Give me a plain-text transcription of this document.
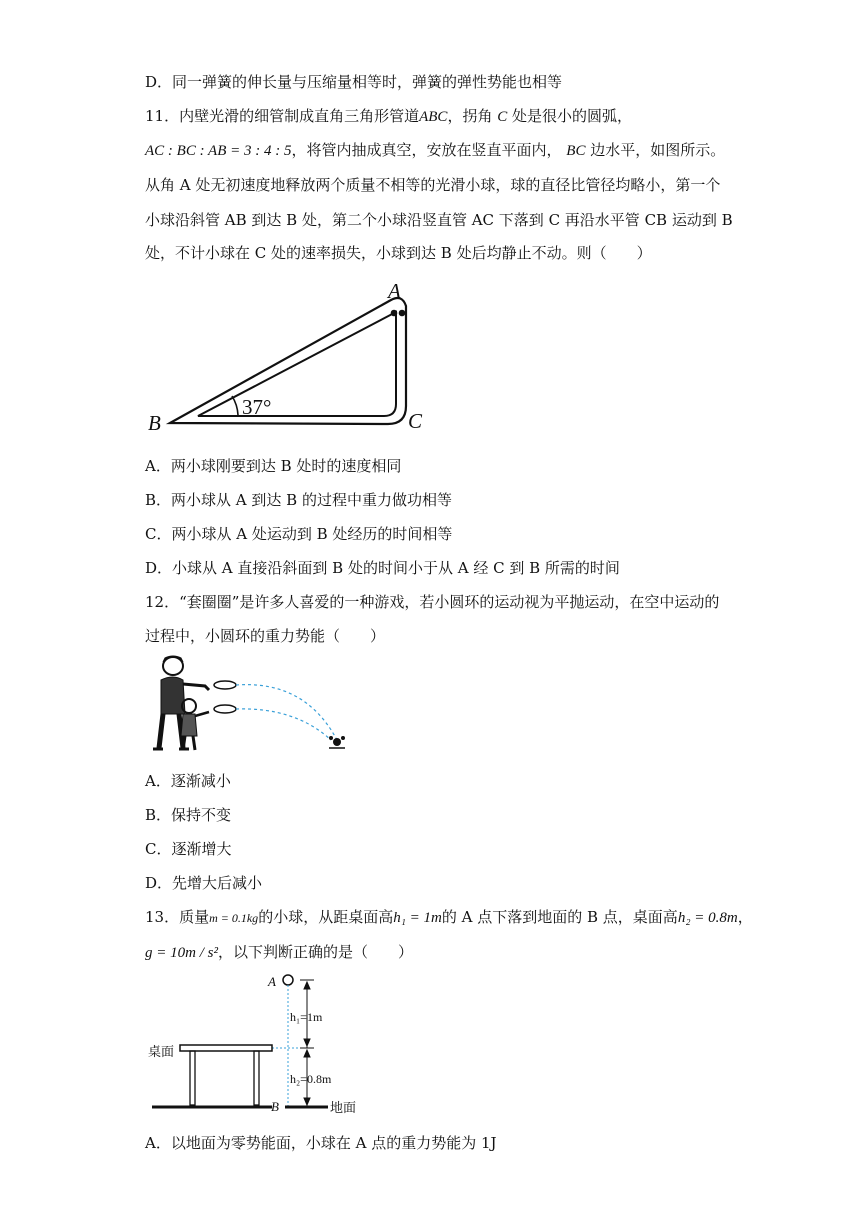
D．同一弹簧的伸长量与压缩量相等时，弹簧的弹性势能也相等
11．内壁光滑的细管制成直角三角形管道ABC，拐角 C 处是很小的圆弧，
AC : BC : AB = 3 : 4 : 5，将管内抽成真空，安放在竖直平面内， BC 边水平，如图所示。
从角 A 处无初速度地释放两个质量不相等的光滑小球，球的直径比管径均略小，第一个
小球沿斜管 AB 到达 B 处，第二个小球沿竖直管 AC 下落到 C 再沿水平管 CB 运动到 B
处，不计小球在 C 处的速率损失，小球到达 B 处后均静止不动。则（　　）
A
B	C
37°
A．两小球刚要到达 B 处时的速度相同
B．两小球从 A 到达 B 的过程中重力做功相等
C．两小球从 A 处运动到 B 处经历的时间相等
D．小球从 A 直接沿斜面到 B 处的时间小于从 A 经 C 到 B 所需的时间
12．“套圈圈”是许多人喜爱的一种游戏，若小圆环的运动视为平抛运动，在空中运动的
过程中，小圆环的重力势能（　　）
A．逐渐减小
B．保持不变
C．逐渐增大
D．先增大后减小
13．质量m = 0.1kg的小球，从距桌面高h₁ = 1m的 A 点下落到地面的 B 点，桌面高h₂ = 0.8m，
g = 10m / s²，以下判断正确的是（　　）
A
桌面
B	地面
h₁=1m
h₂=0.8m
A．以地面为零势能面，小球在 A 点的重力势能为 1J
